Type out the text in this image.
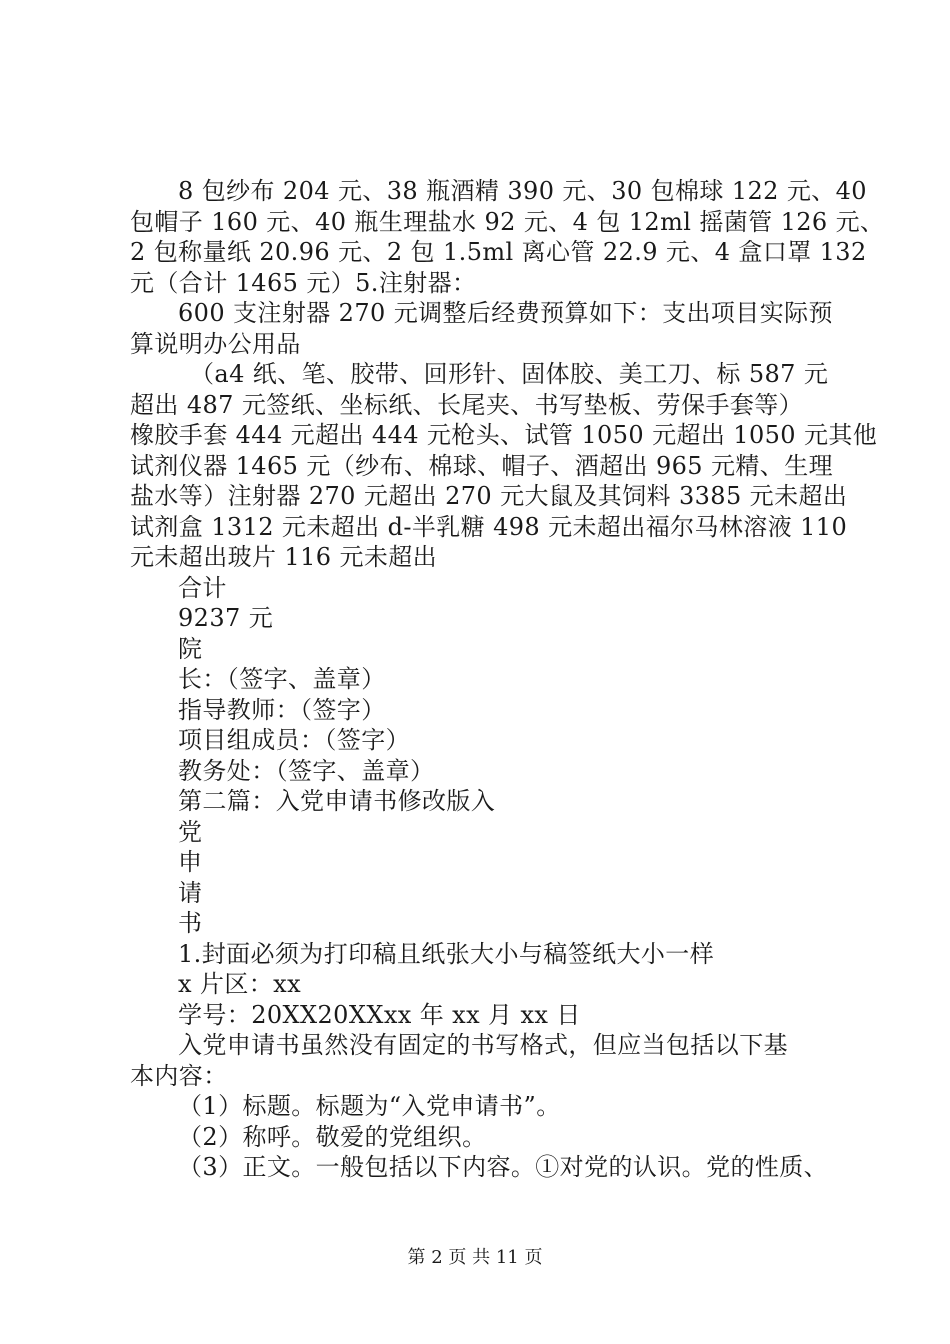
8 包纱布 204 元、38 瓶酒精 390 元、30 包棉球 122 元、40
包帽子 160 元、40 瓶生理盐水 92 元、4 包 12ml 摇菌管 126 元、
2 包称量纸 20.96 元、2 包 1.5ml 离心管 22.9 元、4 盒口罩 132
元（合计 1465 元）5.注射器：
600 支注射器 270 元调整后经费预算如下：支出项目实际预
算说明办公用品
（a4 纸、笔、胶带、回形针、固体胶、美工刀、标 587 元
超出 487 元签纸、坐标纸、长尾夹、书写垫板、劳保手套等）
橡胶手套 444 元超出 444 元枪头、试管 1050 元超出 1050 元其他
试剂仪器 1465 元（纱布、棉球、帽子、酒超出 965 元精、生理
盐水等）注射器 270 元超出 270 元大鼠及其饲料 3385 元未超出
试剂盒 1312 元未超出 d-半乳糖 498 元未超出福尔马林溶液 110
元未超出玻片 116 元未超出
合计
9237 元
院
长：（签字、盖章）
指导教师：（签字）
项目组成员：（签字）
教务处：（签字、盖章）
第二篇：入党申请书修改版入
党
申
请
书
1.封面必须为打印稿且纸张大小与稿签纸大小一样
x 片区：xx
学号：20XX20XXxx 年 xx 月 xx 日
入党申请书虽然没有固定的书写格式，但应当包括以下基
本内容：
（1）标题。标题为“入党申请书”。
（2）称呼。敬爱的党组织。
（3）正文。一般包括以下内容。①对党的认识。党的性质、
第 2 页 共 11 页
